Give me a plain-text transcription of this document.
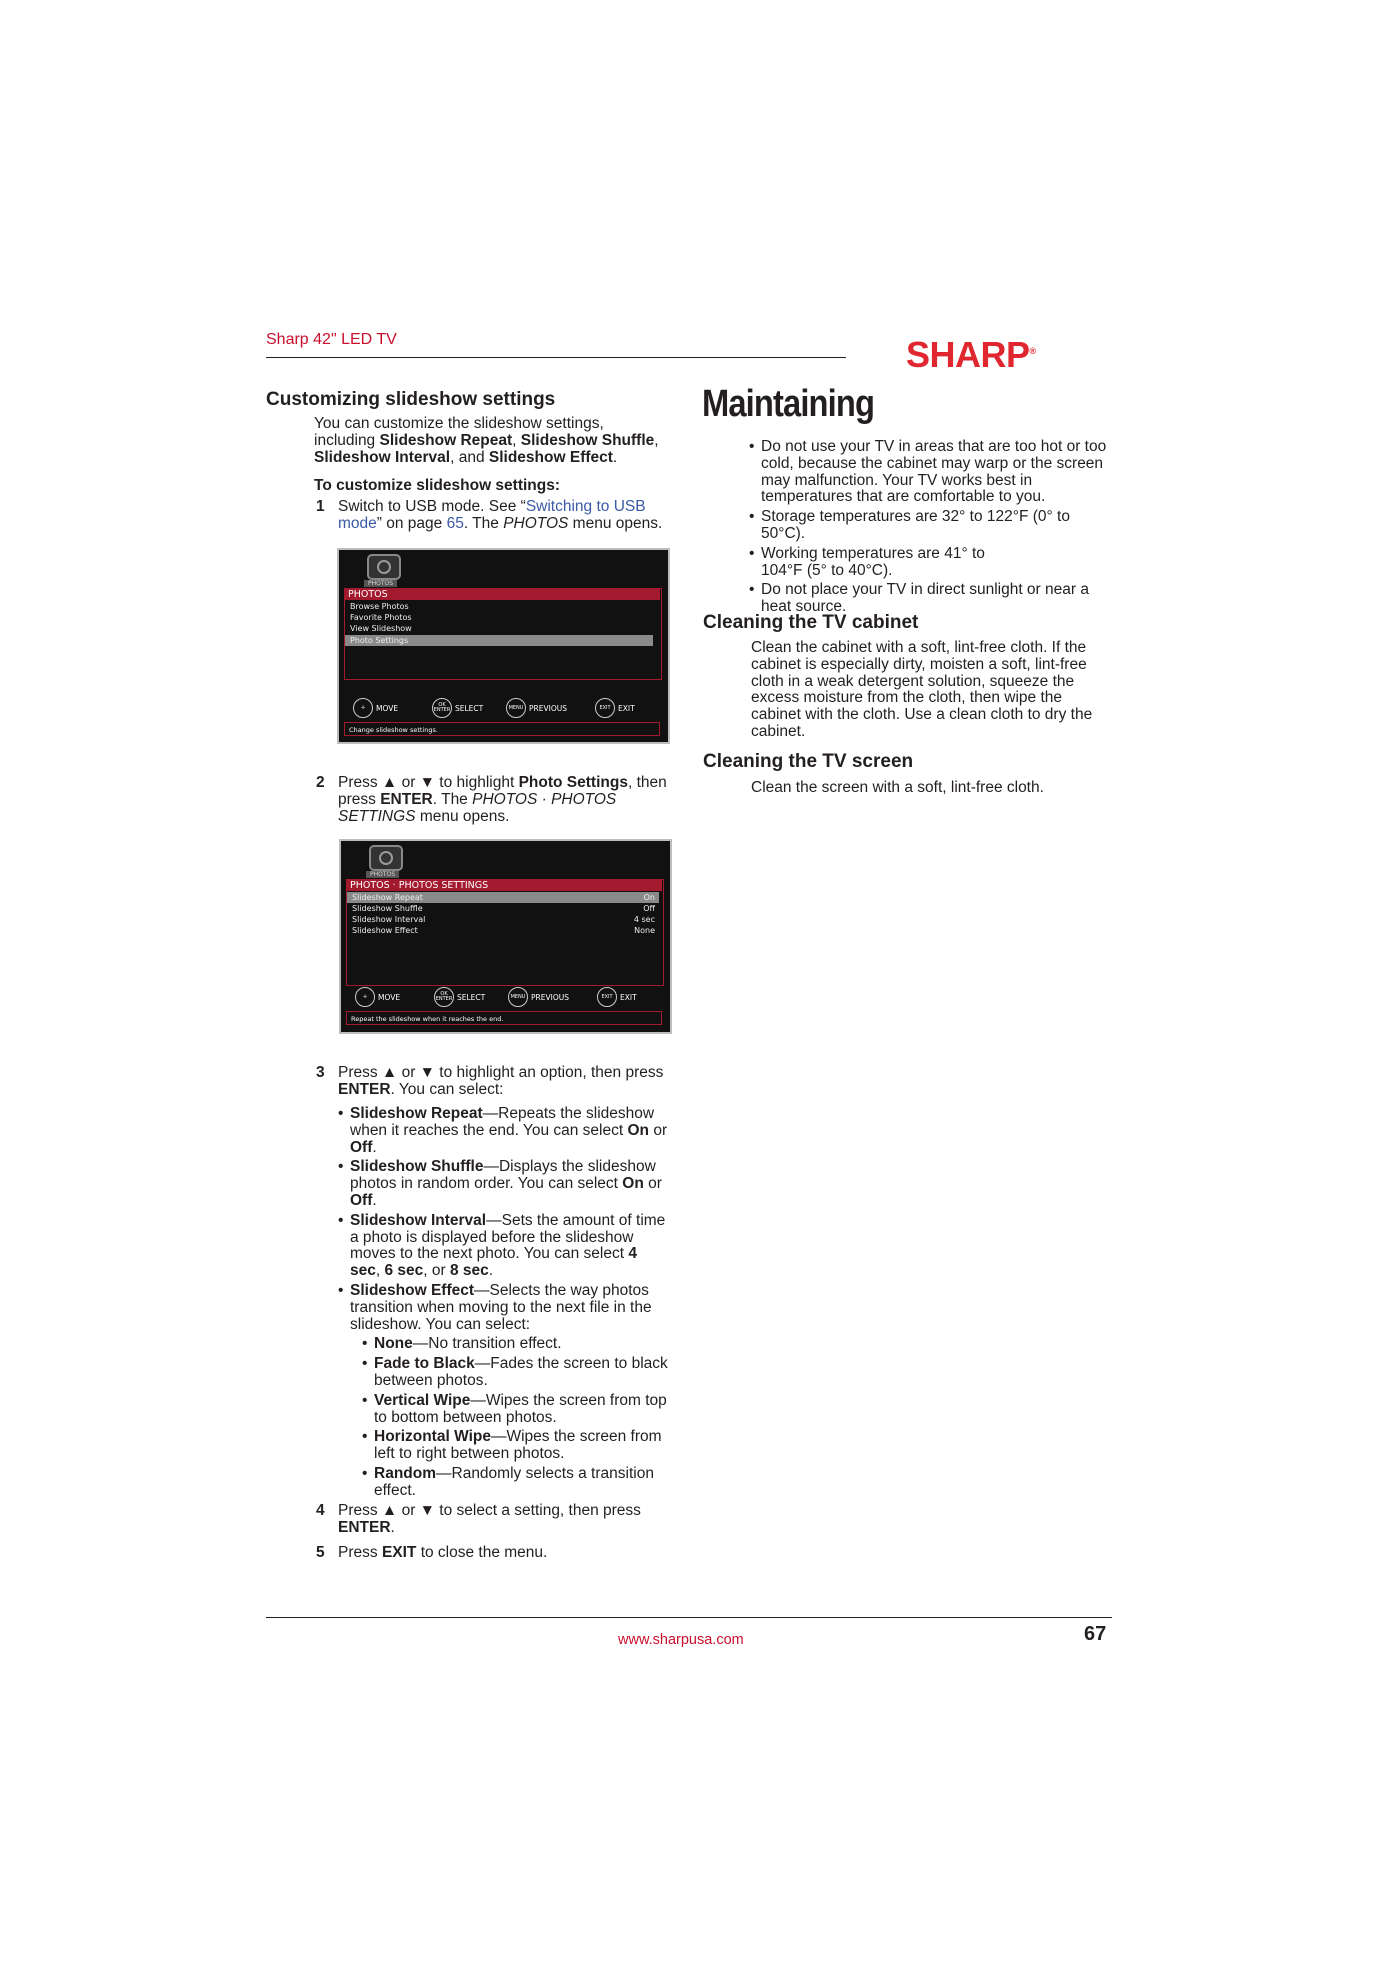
Sharp 42" LED TV	SHARP®
Customizing slideshow settings
You can customize the slideshow settings, including Slideshow Repeat, Slideshow Shuffle, Slideshow Interval, and Slideshow Effect.
To customize slideshow settings:
1 Switch to USB mode. See “Switching to USB mode” on page 65. The PHOTOS menu opens.
PHOTOS
PHOTOS
Browse Photos
Favorite Photos
View Slideshow
Photo Settings
✛	MOVE	OK ENTER SELECT	MENU PREVIOUS	EXIT EXIT
Change slideshow settings.
2 Press ▲ or ▼ to highlight Photo Settings, then press ENTER. The PHOTOS · PHOTOS SETTINGS menu opens.
PHOTOS
PHOTOS · PHOTOS SETTINGS
Slideshow Repeat	On
Slideshow Shuffle	Off
Slideshow Interval	4 sec
Slideshow Effect	None
✛	MOVE	OK ENTER SELECT	MENU PREVIOUS	EXIT EXIT
Repeat the slideshow when it reaches the end.
3 Press ▲ or ▼ to highlight an option, then press ENTER. You can select:
• Slideshow Repeat—Repeats the slideshow when it reaches the end. You can select On or Off.
• Slideshow Shuffle—Displays the slideshow photos in random order. You can select On or Off.
• Slideshow Interval—Sets the amount of time a photo is displayed before the slideshow moves to the next photo. You can select 4 sec, 6 sec, or 8 sec.
• Slideshow Effect—Selects the way photos transition when moving to the next file in the slideshow. You can select:
• None—No transition effect.
• Fade to Black—Fades the screen to black between photos.
• Vertical Wipe—Wipes the screen from top to bottom between photos.
• Horizontal Wipe—Wipes the screen from left to right between photos.
• Random—Randomly selects a transition effect.
4 Press ▲ or ▼ to select a setting, then press ENTER.
5 Press EXIT to close the menu.
Maintaining
• Do not use your TV in areas that are too hot or too cold, because the cabinet may warp or the screen may malfunction. Your TV works best in temperatures that are comfortable to you.
• Storage temperatures are 32° to 122°F (0° to 50°C).
• Working temperatures are 41° to 104°F (5° to 40°C).
• Do not place your TV in direct sunlight or near a heat source.
Cleaning the TV cabinet
Clean the cabinet with a soft, lint-free cloth. If the cabinet is especially dirty, moisten a soft, lint-free cloth in a weak detergent solution, squeeze the excess moisture from the cloth, then wipe the cabinet with the cloth. Use a clean cloth to dry the cabinet.
Cleaning the TV screen
Clean the screen with a soft, lint-free cloth.
www.sharpusa.com	67
